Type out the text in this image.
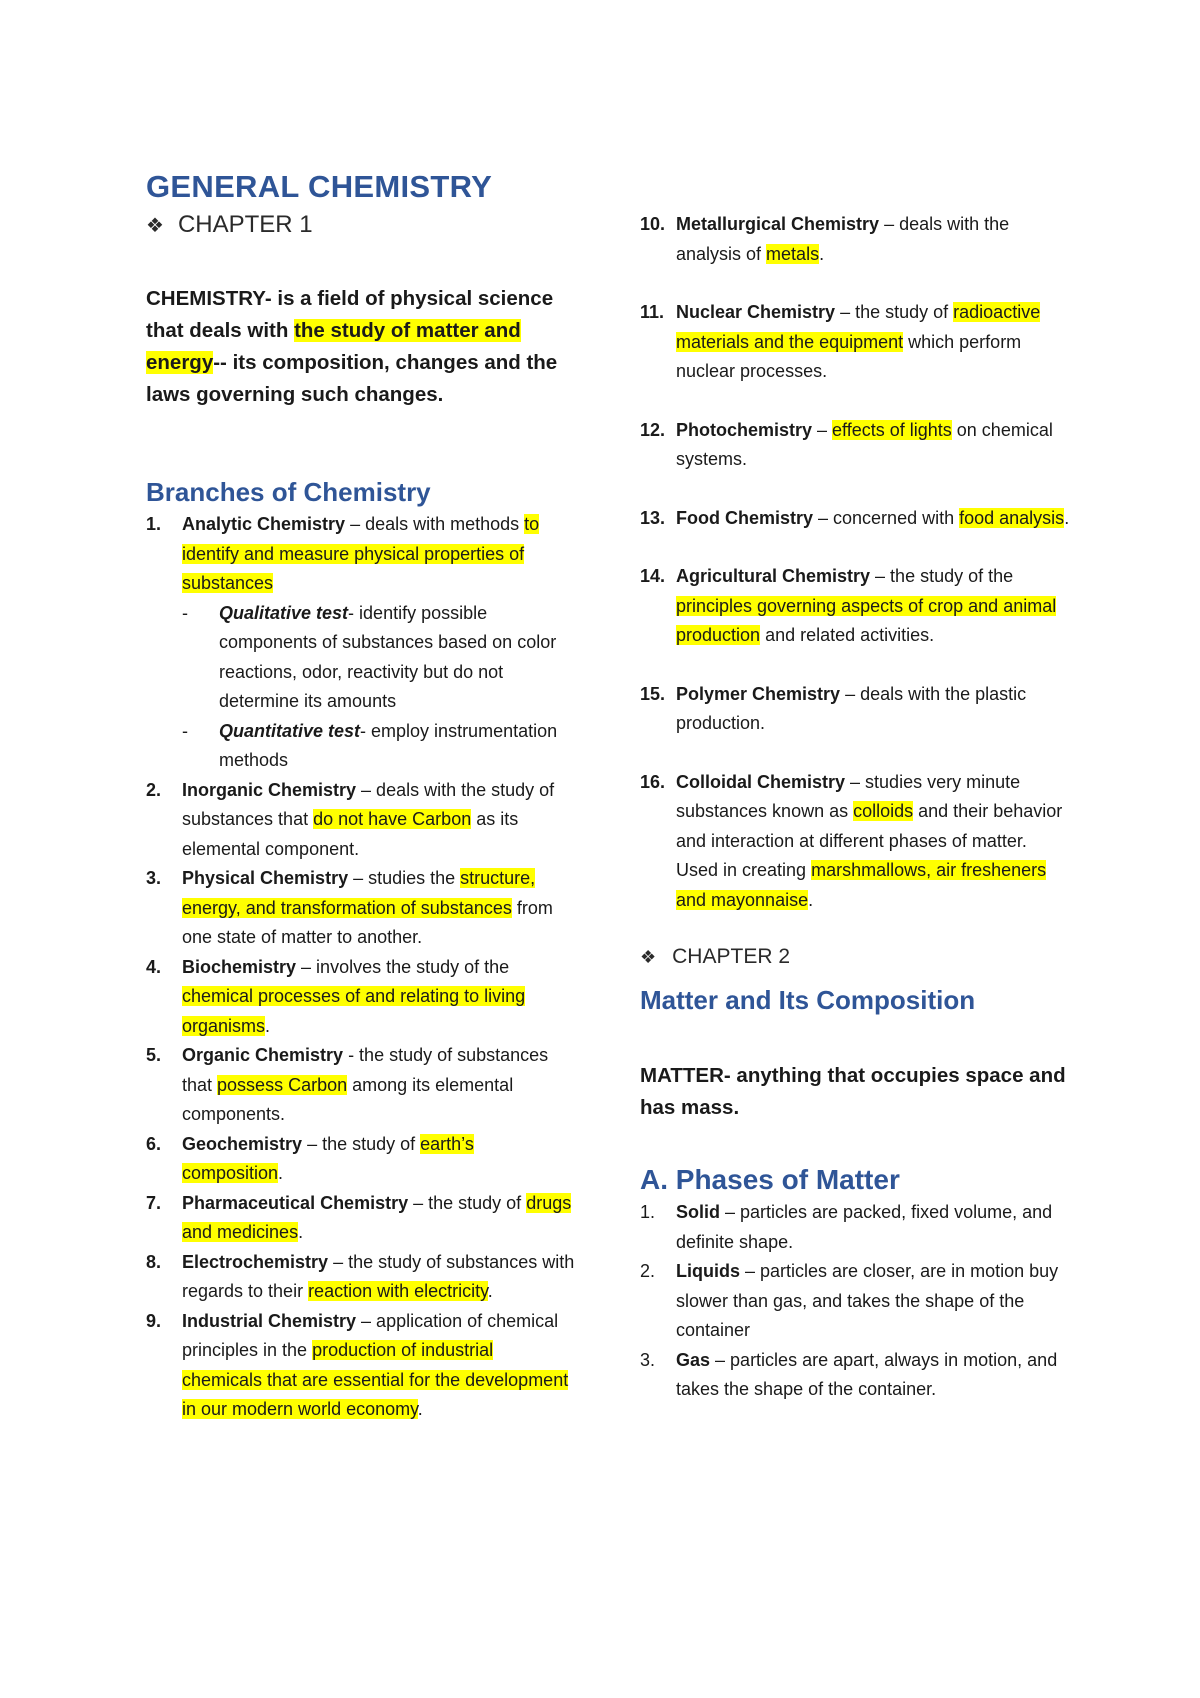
GENERAL CHEMISTRY
❖ CHAPTER 1

CHEMISTRY- is a field of physical science that deals with the study of matter and energy-- its composition, changes and the laws governing such changes.

Branches of Chemistry
1. Analytic Chemistry – deals with methods to identify and measure physical properties of substances
- Qualitative test- identify possible components of substances based on color reactions, odor, reactivity but do not determine its amounts
- Quantitative test- employ instrumentation methods
2. Inorganic Chemistry – deals with the study of substances that do not have Carbon as its elemental component.
3. Physical Chemistry – studies the structure, energy, and transformation of substances from one state of matter to another.
4. Biochemistry – involves the study of the chemical processes of and relating to living organisms.
5. Organic Chemistry - the study of substances that possess Carbon among its elemental components.
6. Geochemistry – the study of earth’s composition.
7. Pharmaceutical Chemistry – the study of drugs and medicines.
8. Electrochemistry – the study of substances with regards to their reaction with electricity.
9. Industrial Chemistry – application of chemical principles in the production of industrial chemicals that are essential for the development in our modern world economy.
10. Metallurgical Chemistry – deals with the analysis of metals.
11. Nuclear Chemistry – the study of radioactive materials and the equipment which perform nuclear processes.
12. Photochemistry – effects of lights on chemical systems.
13. Food Chemistry – concerned with food analysis.
14. Agricultural Chemistry – the study of the principles governing aspects of crop and animal production and related activities.
15. Polymer Chemistry – deals with the plastic production.
16. Colloidal Chemistry – studies very minute substances known as colloids and their behavior and interaction at different phases of matter. Used in creating marshmallows, air fresheners and mayonnaise.
❖ CHAPTER 2
Matter and Its Composition

MATTER- anything that occupies space and has mass.

A. Phases of Matter
1. Solid – particles are packed, fixed volume, and definite shape.
2. Liquids – particles are closer, are in motion buy slower than gas, and takes the shape of the container
3. Gas – particles are apart, always in motion, and takes the shape of the container.
